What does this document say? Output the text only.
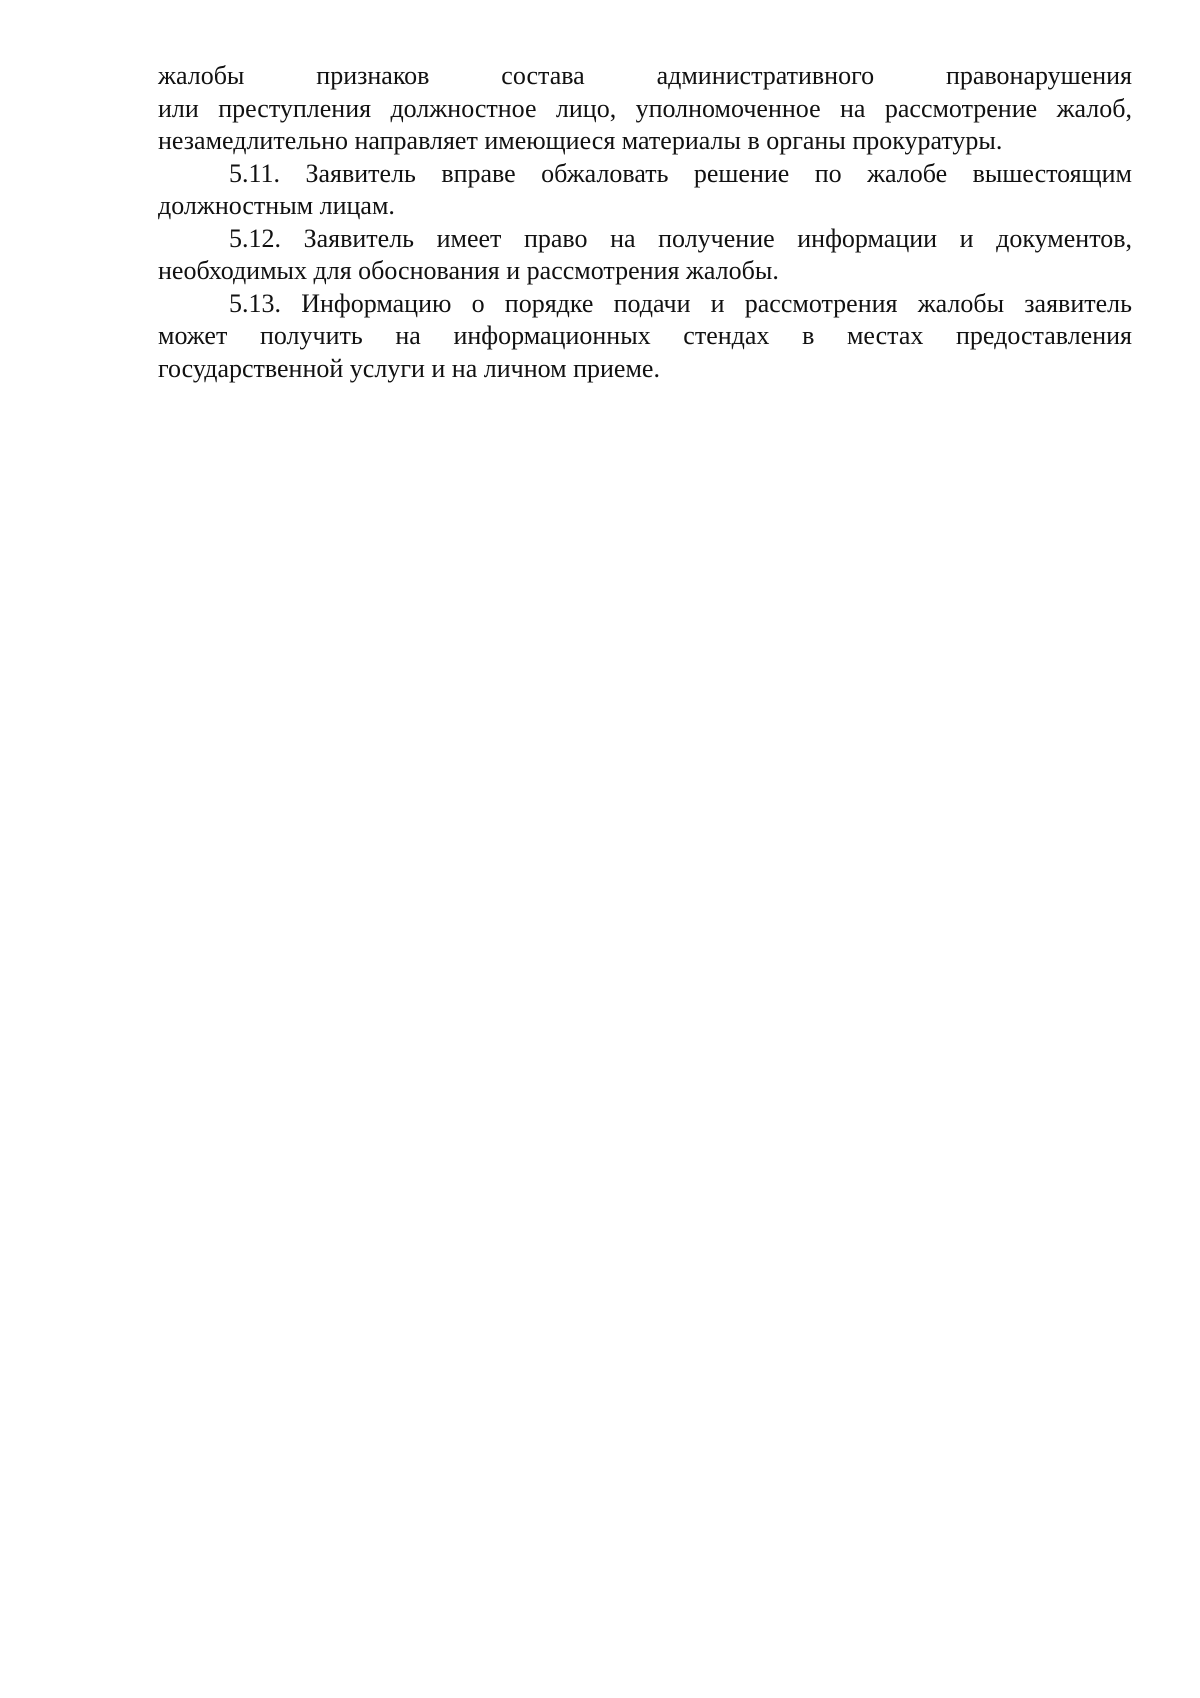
жалобы признаков состава административного правонарушения
или преступления должностное лицо, уполномоченное на рассмотрение жалоб,
незамедлительно направляет имеющиеся материалы в органы прокуратуры.

5.11. Заявитель вправе обжаловать решение по жалобе вышестоящим
должностным лицам.

5.12. Заявитель имеет право на получение информации и документов,
необходимых для обоснования и рассмотрения жалобы.

5.13. Информацию о порядке подачи и рассмотрения жалобы заявитель
может получить на информационных стендах в местах предоставления
государственной услуги и на личном приеме.
